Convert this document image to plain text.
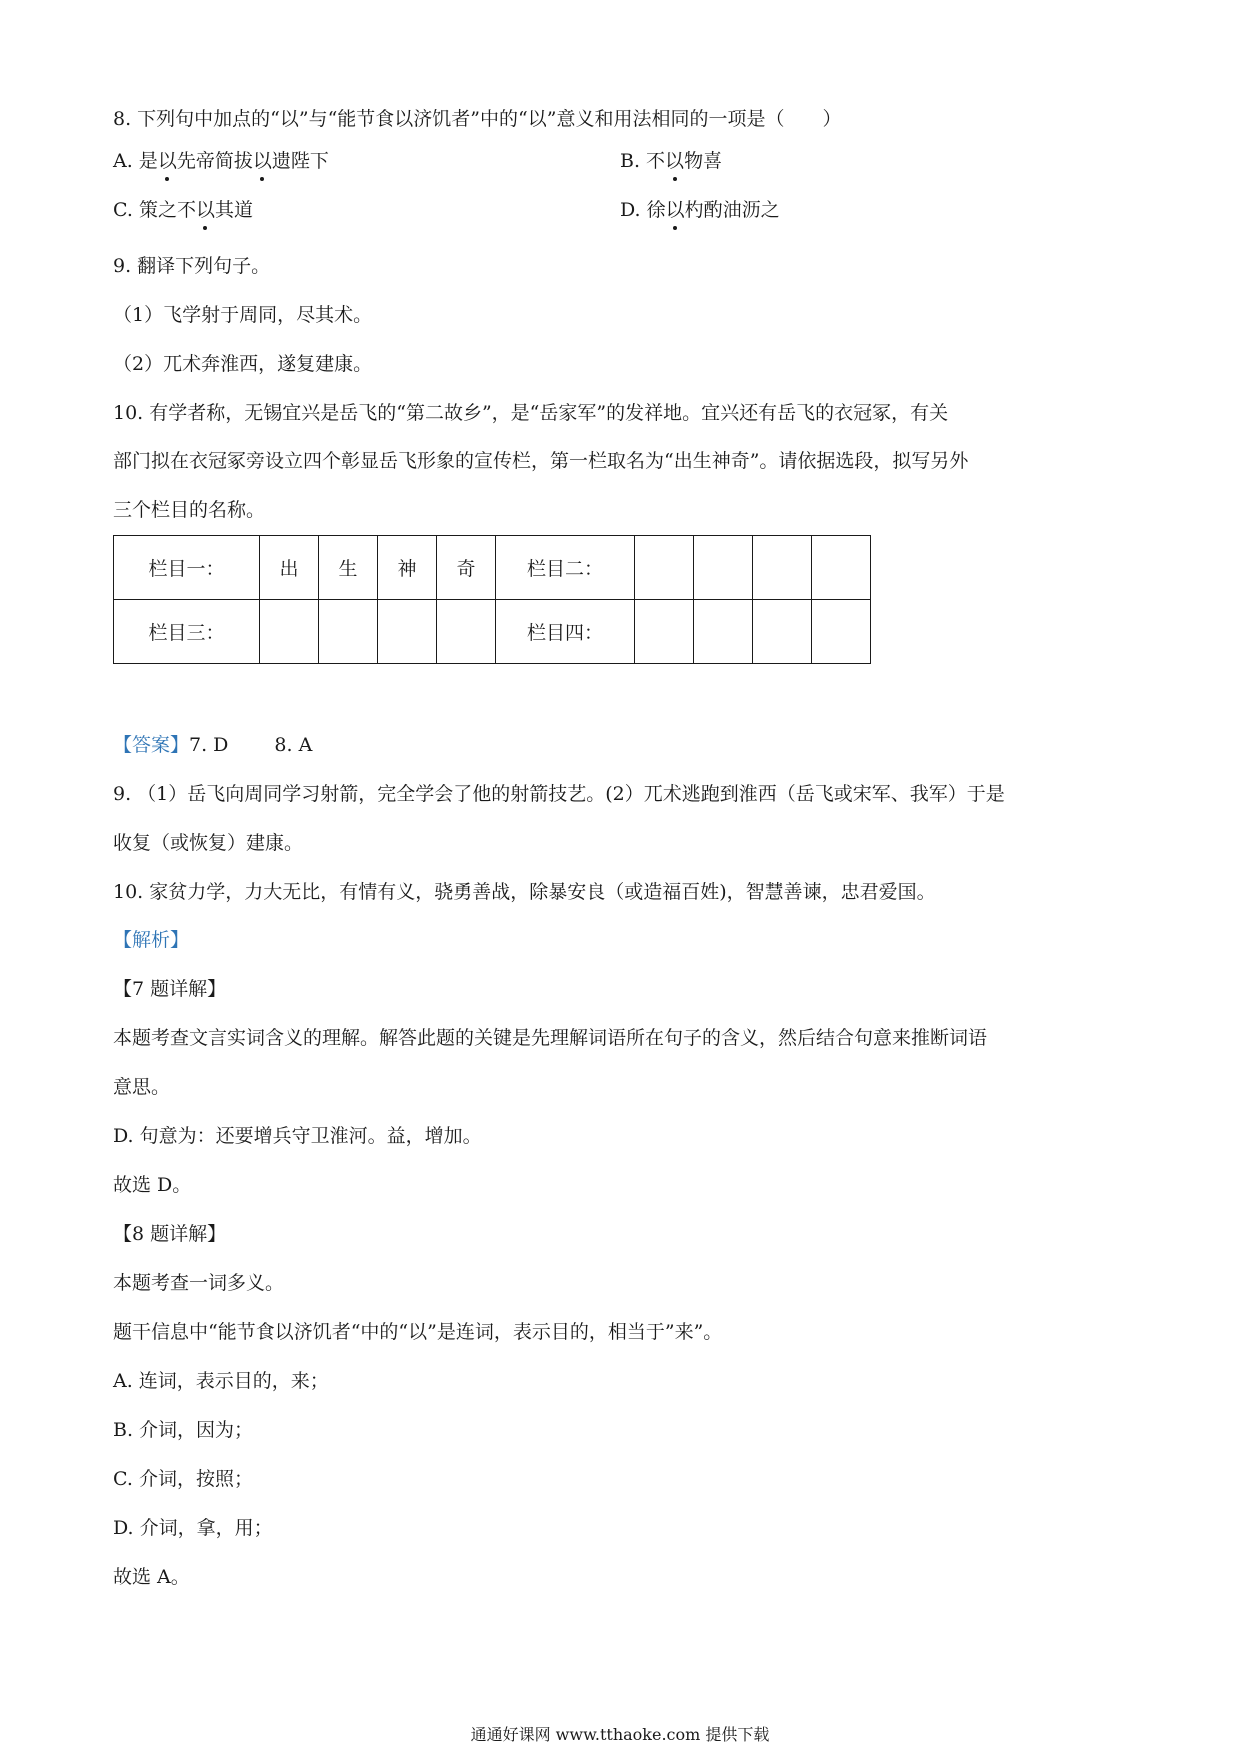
8. 下列句中加点的“以”与“能节食以济饥者”中的“以”意义和用法相同的一项是（　　）
A. 是以先帝简拔以遗陛下	B. 不以物喜
C. 策之不以其道	D. 徐以杓酌油沥之
9. 翻译下列句子。
（1）飞学射于周同，尽其术。
（2）兀术奔淮西，遂复建康。
10. 有学者称，无锡宜兴是岳飞的“第二故乡”，是“岳家军”的发祥地。宜兴还有岳飞的衣冠冢，有关
部门拟在衣冠冢旁设立四个彰显岳飞形象的宣传栏，第一栏取名为“出生神奇”。请依据选段，拟写另外
三个栏目的名称。
栏目一：	出	生	神	奇	栏目二：				
栏目三：					栏目四：				
【答案】7. D 8. A
9. （1）岳飞向周同学习射箭，完全学会了他的射箭技艺。(2）兀术逃跑到淮西（岳飞或宋军、我军）于是
收复（或恢复）建康。
10. 家贫力学，力大无比，有情有义，骁勇善战，除暴安良（或造福百姓)，智慧善谏，忠君爱国。
【解析】
【7 题详解】
本题考查文言实词含义的理解。解答此题的关键是先理解词语所在句子的含义，然后结合句意来推断词语
意思。
D. 句意为：还要增兵守卫淮河。益，增加。
故选 D。
【8 题详解】
本题考查一词多义。
题干信息中“能节食以济饥者“中的“以”是连词，表示目的，相当于”来”。
A. 连词，表示目的，来；
B. 介词，因为；
C. 介词，按照；
D. 介词，拿，用；
故选 A。
通通好课网 www.tthaoke.com 提供下载
